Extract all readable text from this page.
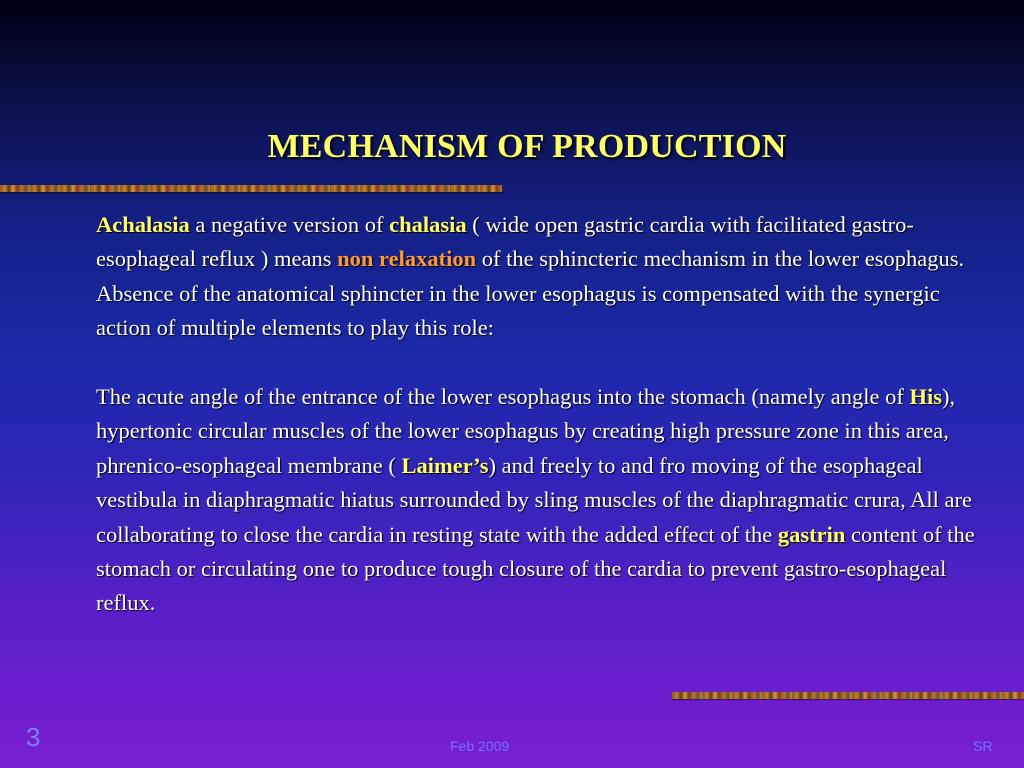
MECHANISM OF PRODUCTION

Achalasia a negative version of chalasia ( wide open gastric cardia with facilitated gastro-esophageal reflux ) means non relaxation of the sphincteric mechanism in the lower esophagus.

Absence of the anatomical sphincter in the lower esophagus is compensated with the synergic action of multiple elements to play this role:

The acute angle of the entrance of the lower esophagus into the stomach (namely angle of His), hypertonic circular muscles of the lower esophagus by creating high pressure zone in this area, phrenico-esophageal membrane ( Laimer’s) and freely to and fro moving of the esophageal vestibula in diaphragmatic hiatus surrounded by sling muscles of the diaphragmatic crura, All are collaborating to close the cardia in resting state with the added effect of the gastrin content of the stomach or circulating one to produce tough closure of the cardia to prevent gastro-esophageal reflux.

3	Feb 2009	SR
